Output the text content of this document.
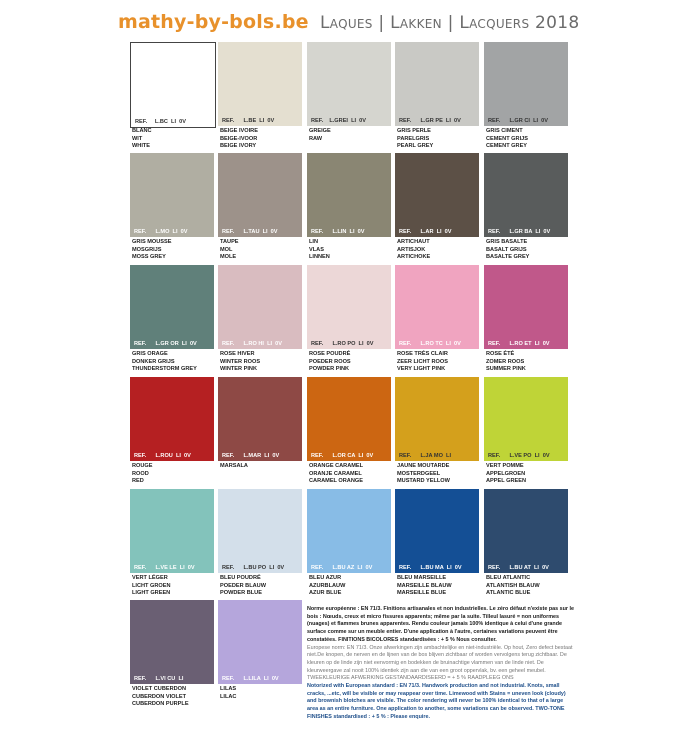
mathy-by-bols.be Laques | Lakken | Lacquers 2018
REF.     L.BC  LI  0V
BLANC
WIT
WHITE
REF.      L.BE  LI  0V
BEIGE IVOIRE
BEIGE-IVOOR
BEIGE IVORY
REF.    L.GREI  LI  0V
GREIGE
RAW
REF.      L.GR PE  LI  0V
GRIS PERLE
PARELGRIS
PEARL GREY
REF.      L.GR CI  LI  0V
GRIS CIMENT
CEMENT GRIJS
CEMENT GREY
REF.      L.MO  LI  0V
GRIS MOUSSE
MOSGRIJS
MOSS GREY
REF.      L.TAU  LI  0V
TAUPE
MOL
MOLE
REF.      L.LIN  LI  0V
LIN
VLAS
LINNEN
REF.      L.AR  LI  0V
ARTICHAUT
ARTISJOK
ARTICHOKE
REF.      L.GR BA  LI  0V
GRIS BASALTE
BASALT GRIJS
BASALTE GREY
REF.      L.GR OR  LI  0V
GRIS ORAGE
DONKER GRIJS
THUNDERSTORM GREY
REF.      L.RO HI  LI  0V
ROSE HIVER
WINTER ROOS
WINTER PINK
REF.      L.RO PO  LI  0V
ROSE POUDRÉ
POEDER ROOS
POWDER PINK
REF.      L.RO TC  LI  0V
ROSE TRÈS CLAIR
ZEER LICHT ROOS
VERY LIGHT PINK
REF.      L.RO ET  LI  0V
ROSE ÉTÉ
ZOMER ROOS
SUMMER PINK
REF.      L.ROU  LI  0V
ROUGE
ROOD
RED
REF.      L.MAR  LI  0V
MARSALA
REF.      L.OR CA  LI  0V
ORANGE CARAMEL
ORANJE CARAMEL
CARAMEL ORANGE
REF.      L.JA MO  LI
JAUNE MOUTARDE
MOSTERDGEEL
MUSTARD YELLOW
REF.      L.VE PO  LI  0V
VERT POMME
APPELGROEN
APPEL GREEN
REF.      L.VE LE  LI  0V
VERT LÉGER
LICHT GROEN
LIGHT GREEN
REF.      L.BU PO  LI  0V
BLEU POUDRÉ
POEDER BLAUW
POWDER BLUE
REF.      L.BU AZ  LI  0V
BLEU AZUR
AZURBLAUW
AZUR BLUE
REF.      L.BU MA  LI  0V
BLEU MARSEILLE
MARSEILLE BLAUW
MARSEILLE BLUE
REF.      L.BU AT  LI  0V
BLEU ATLANTIC
ATLANTISH BLAUW
ATLANTIC BLUE
REF.      L.VI CU  LI
VIOLET CUBERDON
CUBERDON VIOLET
CUBERDON PURPLE
REF.      L.LILA  LI  0V
LILAS
LILAC

Norme européenne : EN 71/3. Finitions artisanales et non industrielles. Le zéro défaut n'existe pas sur le bois : Nœuds, creux et micro fissures apparents; même par la suite. Tilleul lasuré = non uniformes (nuages) et flammes brunes apparentes. Rendu couleur jamais 100% identique à celui d'une grande surface comme sur un meuble entier. D'une application à l'autre, certaines variations peuvent être constatées. FINITIONS BICOLORES standardisées : + 5 % Nous consulter.

Europese norm: EN 71/3. Onze afwerkingen zijn ambachtelijke en niet-industriële. Op hout, Zero defect bestaat niet.De knopen, de nerven en de lijnen van de bos blijven zichtbaar of worden vervolgens terug zichtbaar. De kleuren op de linde zijn niet eenvormig en bodekken de bruinachtige vlammen van de linde niet. De kleurweergave zal nooit 100% identiek zijn aan die van een groot oppervlak, bv. een geheel meubel. TWEEKLEURIGE AFWERKING GESTANDAARDISEERD = + 5 % RAADPLEEG ONS

Notorized with European standard : EN 71/3. Handwork production and not industrial. Knots, small cracks, ...etc, will be visible or may reappear over time. Limewood with Stains = uneven look (cloudy) and brownish blotches are visible. The color rendering will never be 100% identical to that of a large area as an entire furniture. One application to another, some variations can be observed. TWO-TONE FINISHES standardised : + 5 % : Please enquire.
